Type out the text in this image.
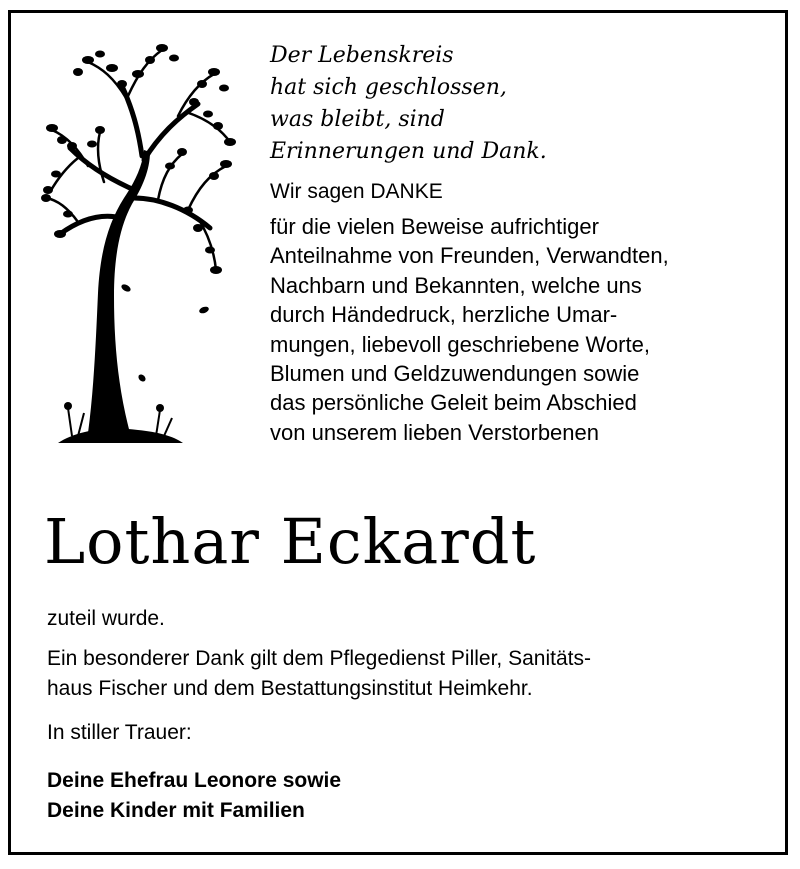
Der Lebenskreis
hat sich geschlossen,
was bleibt, sind
Erinnerungen und Dank.
Wir sagen DANKE
für die vielen Beweise aufrichtiger
Anteilnahme von Freunden, Verwandten,
Nachbarn und Bekannten, welche uns
durch Händedruck, herzliche Umar-
mungen, liebevoll geschriebene Worte,
Blumen und Geldzuwendungen sowie
das persönliche Geleit beim Abschied
von unserem lieben Verstorbenen
Lothar Eckardt
zuteil wurde.
Ein besonderer Dank gilt dem Pflegedienst Piller, Sanitäts-
haus Fischer und dem Bestattungsinstitut Heimkehr.
In stiller Trauer:
Deine Ehefrau Leonore sowie
Deine Kinder mit Familien
